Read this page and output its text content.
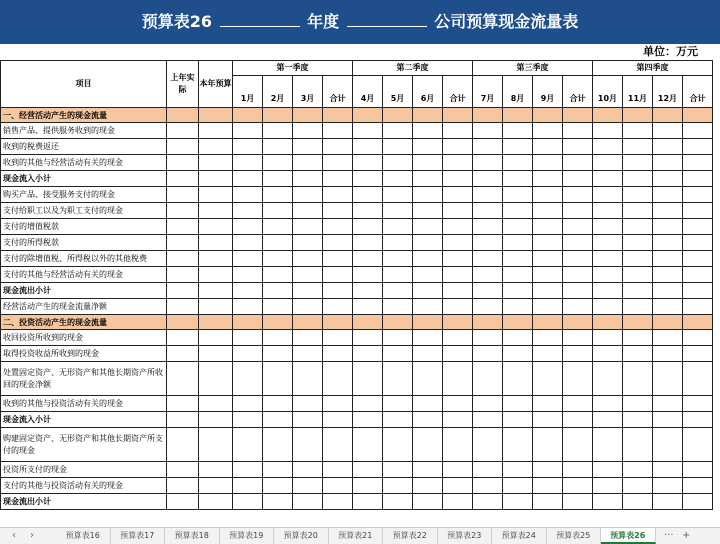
预算表26	年度	公司预算现金流量表
单位：万元
项目	上年实际	本年预算	第一季度				第二季度				第三季度				第四季度			
			1月	2月	3月	合计	4月	5月	6月	合计	7月	8月	9月	合计	10月	11月	12月	合计
一、经营活动产生的现金流量																		
销售产品、提供服务收到的现金																		
收到的税费返还																		
收到的其他与经营活动有关的现金																		
现金流入小计																		
购买产品、接受服务支付的现金																		
支付给职工以及为职工支付的现金																		
支付的增值税款																		
支付的所得税款																		
支付的除增值税、所得税以外的其他税费																		
支付的其他与经营活动有关的现金																		
现金流出小计																		
经营活动产生的现金流量净额																		
二、投资活动产生的现金流量																		
收回投资所收到的现金																		
取得投资收益所收到的现金																		
处置固定资产、无形资产和其他长期资产所收回的现金净额																		
收到的其他与投资活动有关的现金																		
现金流入小计																		
购建固定资产、无形资产和其他长期资产所支付的现金																		
投资所支付的现金																		
支付的其他与投资活动有关的现金																		
现金流出小计																		
‹ ›	预算表16	预算表17	预算表18	预算表19	预算表20	预算表21	预算表22	预算表23	预算表24	预算表25	预算表26	··· +
